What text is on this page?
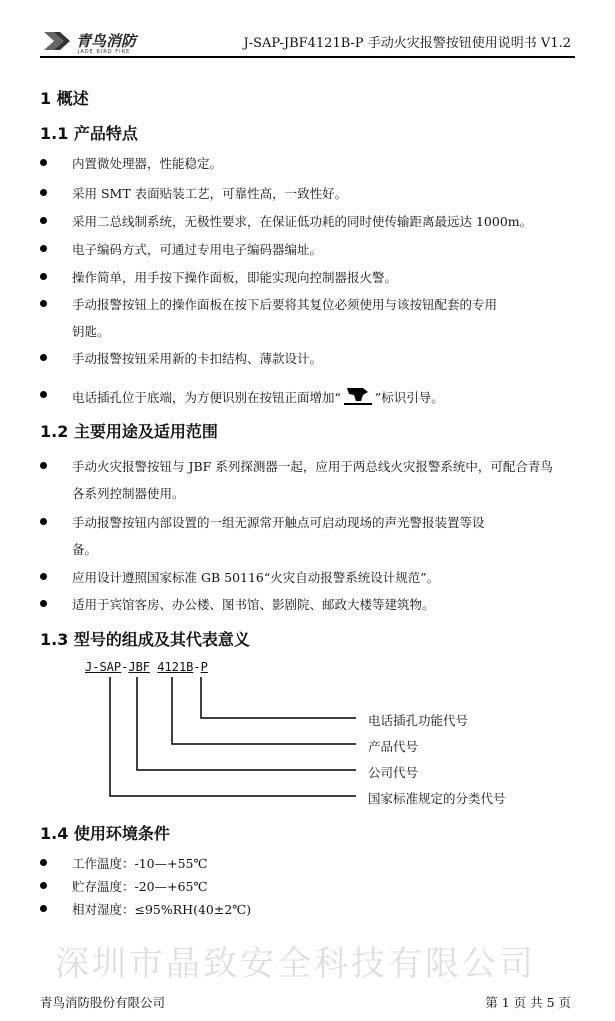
青鸟消防
JADE BIRD FIRE
J-SAP-JBF4121B-P 手动火灾报警按钮使用说明书 V1.2
1 概述
1.1 产品特点
内置微处理器，性能稳定。
采用 SMT 表面贴装工艺，可靠性高，一致性好。
采用二总线制系统，无极性要求，在保证低功耗的同时使传输距离最远达 1000m。
电子编码方式，可通过专用电子编码器编址。
操作简单，用手按下操作面板，即能实现向控制器报火警。
手动报警按钮上的操作面板在按下后要将其复位必须使用与该按钮配套的专用
钥匙。
手动报警按钮采用新的卡扣结构、薄款设计。
电话插孔位于底端，为方便识别在按钮正面增加“	”标识引导。
1.2 主要用途及适用范围
手动火灾报警按钮与 JBF 系列探测器一起，应用于两总线火灾报警系统中，可配合青鸟
各系列控制器使用。
手动报警按钮内部设置的一组无源常开触点可启动现场的声光警报装置等设
备。
应用设计遵照国家标准 GB 50116“火灾自动报警系统设计规范”。
适用于宾馆客房、办公楼、图书馆、影剧院、邮政大楼等建筑物。
1.3 型号的组成及其代表意义
J-SAP-JBF 4121B-P
电话插孔功能代号
产品代号
公司代号
国家标准规定的分类代号
1.4 使用环境条件
工作温度：-10—+55℃
贮存温度：-20—+65℃
相对湿度：≤95%RH(40±2℃)
深圳市晶致安全科技有限公司
青鸟消防股份有限公司	第 1 页 共 5 页
